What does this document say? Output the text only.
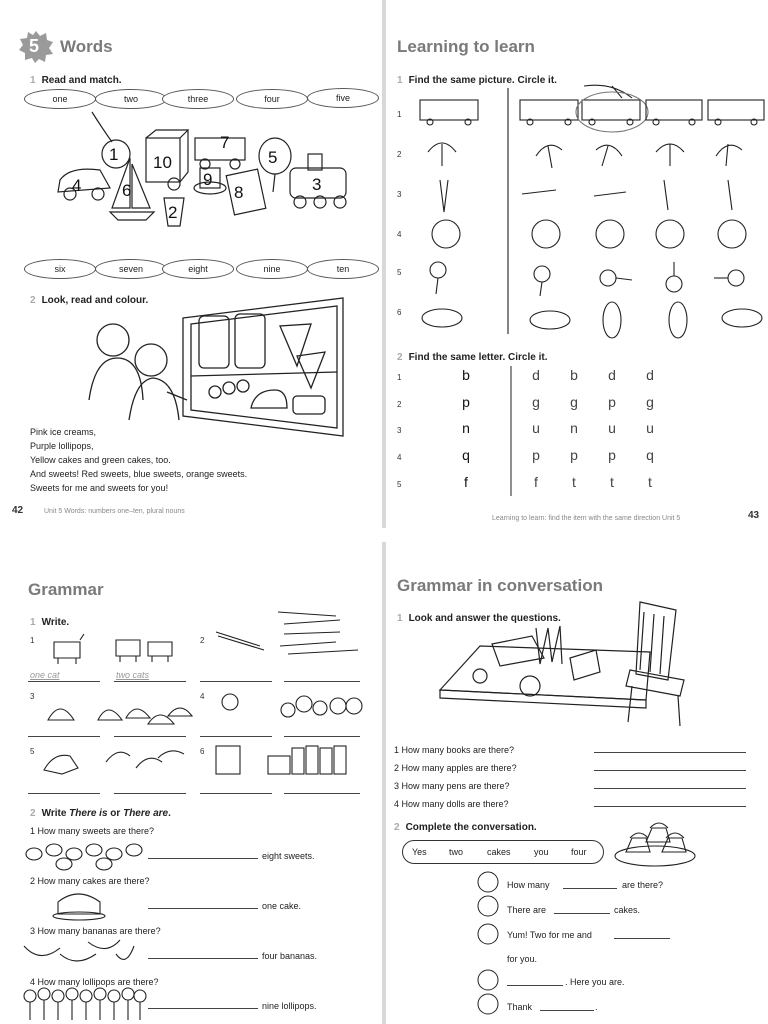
5 Words
1 Read and match.
one	two	three	four	five
1 10
7
5
4 6
9
8
2
3
six	seven	eight	nine	ten
2 Look, read and colour.
Pink ice creams,
Purple lollipops,
Yellow cakes and green cakes, too.
And sweets! Red sweets, blue sweets, orange sweets.
Sweets for me and sweets for you!
42	Unit 5 Words: numbers one–ten, plural nouns
Learning to learn
1 Find the same picture. Circle it.
1
2
3
4
5
6
2 Find the same letter. Circle it.
1	b	d	b	d	d
2	p	g	g	p	g
3	n	u	n	u	u
4	q	p	p	p	q
5	f	f	t	t	t
Learning to learn: find the item with the same direction Unit 5	43
Grammar
1 Write.
1	2
3	4
5	6
one cat	two cats
2 Write There is or There are.
1 How many sweets are there?
eight sweets.
2 How many cakes are there?
one cake.
3 How many bananas are there?
four bananas.
4 How many lollipops are there?
nine lollipops.
Grammar in conversation
1 Look and answer the questions.
1 How many books are there?
2 How many apples are there?
3 How many pens are there?
4 How many dolls are there?
2 Complete the conversation.
Yes two	cakes	you four
How many	are there?
There are	cakes.
Yum! Two for me and
for you.
. Here you are.
Thank	.
